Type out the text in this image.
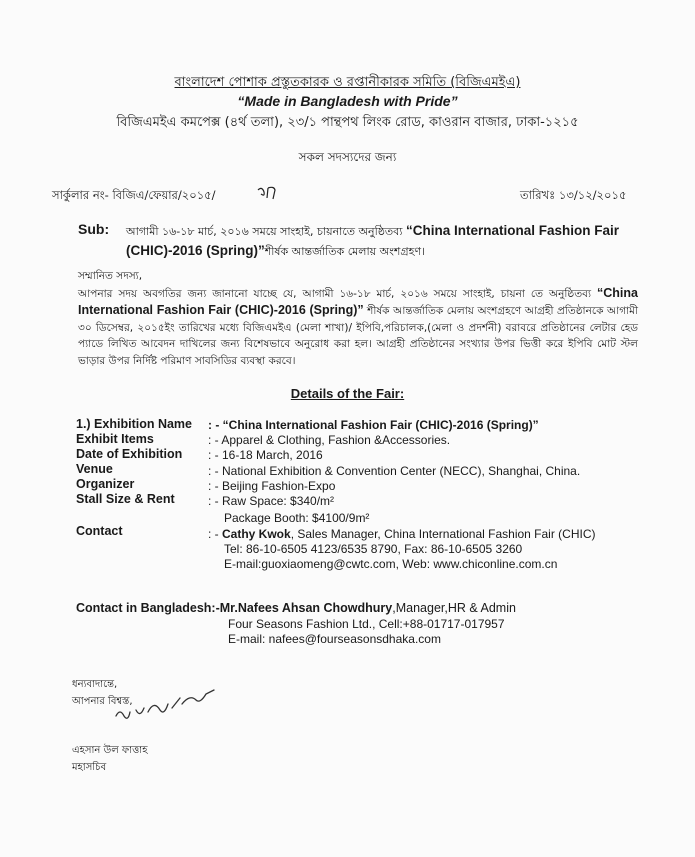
বাংলাদেশ পোশাক প্রস্তুতকারক ও রপ্তানীকারক সমিতি (বিজিএমইএ)
“Made in Bangladesh with Pride”
বিজিএমইএ কমপেক্স (৪র্থ তলা), ২৩/১ পান্থপথ লিংক রোড, কাওরান বাজার, ঢাকা-১২১৫
সকল সদস্যদের জন্য
সার্কুলার নং- বিজিএ/ফেয়ার/২০১৫/	তারিখঃ ১৩/১২/২০১৫
Sub: আগামী ১৬-১৮ মার্চ, ২০১৬ সময়ে সাংহাই, চায়নাতে অনুষ্ঠিতব্য “China International Fashion Fair (CHIC)-2016 (Spring)”শীর্ষক আন্তর্জাতিক মেলায় অংশগ্রহণ।
সম্মানিত সদস্য,
আপনার সদয় অবগতির জন্য জানানো যাচ্ছে যে, আগামী ১৬-১৮ মার্চ, ২০১৬ সময়ে সাংহাই, চায়না তে অনুষ্ঠিতব্য “China International Fashion Fair (CHIC)-2016 (Spring)” শীর্ষক আন্তর্জাতিক মেলায় অংশগ্রহণে আগ্রহী প্রতিষ্ঠানকে আগামী ৩০ ডিসেম্বর, ২০১৫ইং তারিখের মধ্যে বিজিএমইএ (মেলা শাখা)/ ইপিবি,পরিচালক,(মেলা ও প্রদর্শনী) বরাবরে প্রতিষ্ঠানের লেটার হেড প্যাডে লিখিত আবেদন দাখিলের জন্য বিশেষভাবে অনুরোধ করা হল। আগ্রহী প্রতিষ্ঠানের সংখ্যার উপর ভিত্তী করে ইপিবি মোট স্টল ভাড়ার উপর নির্দিষ্ট পরিমাণ সাবসিডির ব্যবস্থা করবে।
Details of the Fair:
1.) Exhibition Name : - “China International Fashion Fair (CHIC)-2016 (Spring)”
Exhibit Items	: - Apparel & Clothing, Fashion &Accessories.
Date of Exhibition : - 16-18 March, 2016
Venue	: - National Exhibition & Convention Center (NECC), Shanghai, China.
Organizer	: - Beijing Fashion-Expo
Stall Size & Rent	: - Raw Space: $340/m²
Package Booth: $4100/9m²
Contact	: - Cathy Kwok, Sales Manager, China International Fashion Fair (CHIC)
Tel: 86-10-6505 4123/6535 8790, Fax: 86-10-6505 3260
E-mail:guoxiaomeng@cwtc.com, Web: www.chiconline.com.cn
Contact in Bangladesh:-Mr.Nafees Ahsan Chowdhury,Manager,HR & Admin
Four Seasons Fashion Ltd., Cell:+88-01717-017957
E-mail: nafees@fourseasonsdhaka.com
ধন্যবাদান্তে,
আপনার বিশ্বস্ত,
এহসান উল ফাত্তাহ
মহাসচিব
